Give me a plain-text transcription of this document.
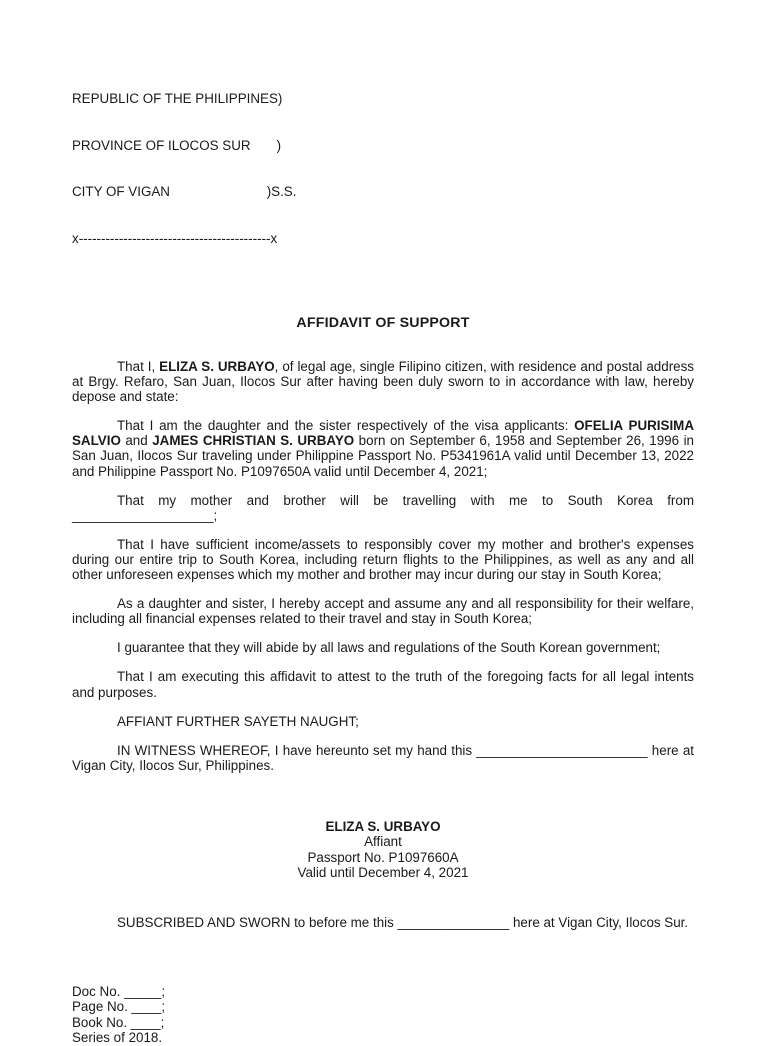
REPUBLIC OF THE PHILIPPINES)

PROVINCE OF ILOCOS SUR       )

CITY OF VIGAN                          )S.S.

x-------------------------------------------x

AFFIDAVIT OF SUPPORT

That I, ELIZA S. URBAYO, of legal age, single Filipino citizen, with residence and postal address at Brgy. Refaro, San Juan, Ilocos Sur after having been duly sworn to in accordance with law, hereby depose and state:

That I am the daughter and the sister respectively of the visa applicants: OFELIA PURISIMA SALVIO and JAMES CHRISTIAN S. URBAYO born on September 6, 1958 and September 26, 1996 in San Juan, Ilocos Sur traveling under Philippine Passport No. P5341961A valid until December 13, 2022 and Philippine Passport No. P1097650A valid until December 4, 2021;

That my mother and brother will be travelling with me to South Korea from ___________________;

That I have sufficient income/assets to responsibly cover my mother and brother's expenses during our entire trip to South Korea, including return flights to the Philippines, as well as any and all other unforeseen expenses which my mother and brother may incur during our stay in South Korea;

As a daughter and sister, I hereby accept and assume any and all responsibility for their welfare, including all financial expenses related to their travel and stay in South Korea;

I guarantee that they will abide by all laws and regulations of the South Korean government;

That I am executing this affidavit to attest to the truth of the foregoing facts for all legal intents and purposes.

AFFIANT FURTHER SAYETH NAUGHT;

IN WITNESS WHEREOF, I have hereunto set my hand this _______________________ here at Vigan City, Ilocos Sur, Philippines.

ELIZA S. URBAYO
Affiant
Passport No. P1097660A
Valid until December 4, 2021

SUBSCRIBED AND SWORN to before me this _______________ here at Vigan City, Ilocos Sur.

Doc No. _____;
Page No. ____;
Book No. ____;
Series of 2018.
